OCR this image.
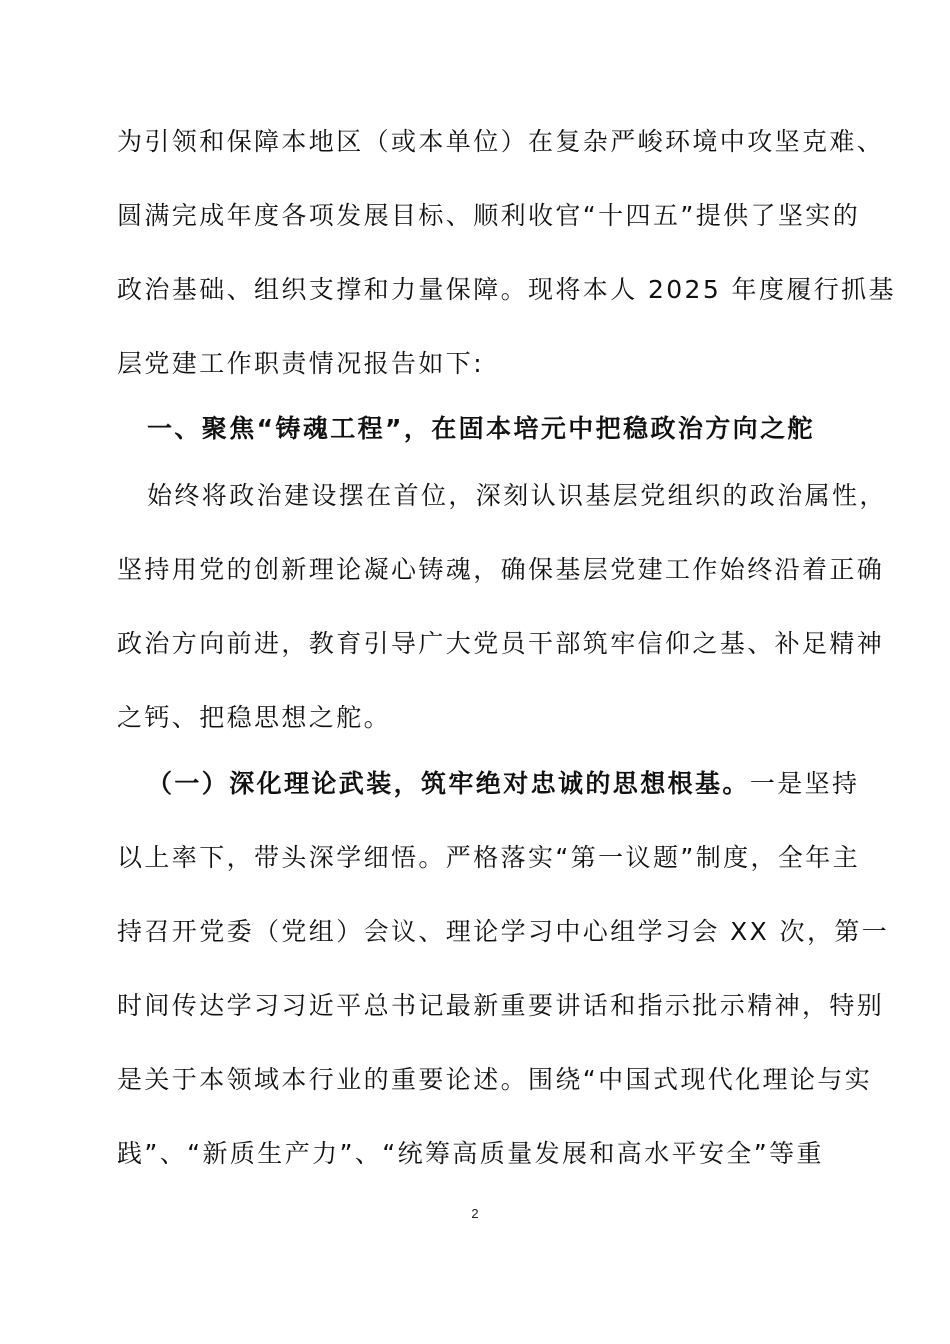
为引领和保障本地区（或本单位）在复杂严峻环境中攻坚克难、
圆满完成年度各项发展目标、顺利收官“十四五”提供了坚实的
政治基础、组织支撑和力量保障。现将本人 2025 年度履行抓基
层党建工作职责情况报告如下:
一、聚焦“铸魂工程”，在固本培元中把稳政治方向之舵
始终将政治建设摆在首位，深刻认识基层党组织的政治属性，
坚持用党的创新理论凝心铸魂，确保基层党建工作始终沿着正确
政治方向前进，教育引导广大党员干部筑牢信仰之基、补足精神
之钙、把稳思想之舵。
（一）深化理论武装，筑牢绝对忠诚的思想根基。一是坚持
以上率下，带头深学细悟。严格落实“第一议题”制度，全年主
持召开党委（党组）会议、理论学习中心组学习会 XX 次，第一
时间传达学习习近平总书记最新重要讲话和指示批示精神，特别
是关于本领域本行业的重要论述。围绕“中国式现代化理论与实
践”、“新质生产力”、“统筹高质量发展和高水平安全”等重
2
